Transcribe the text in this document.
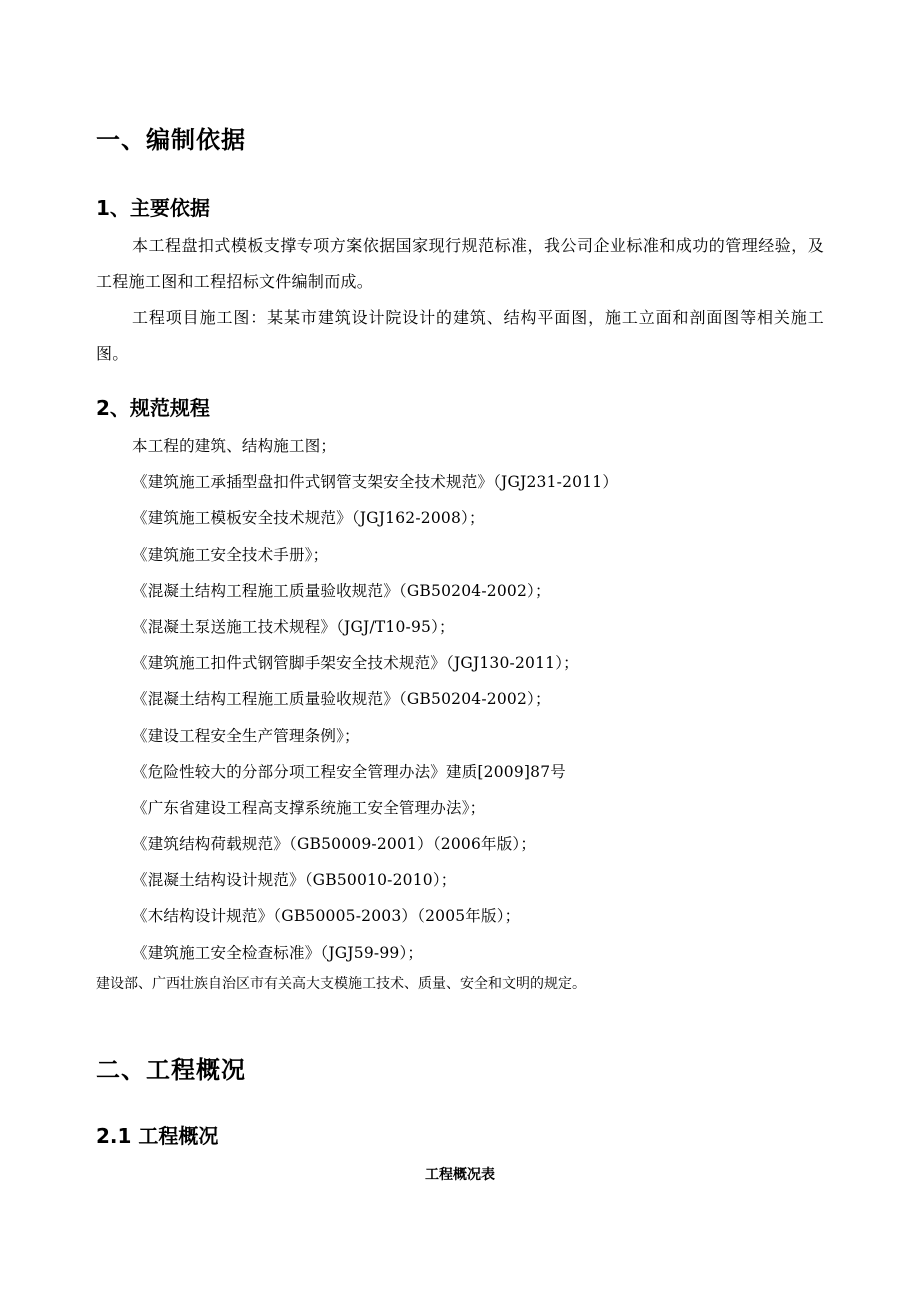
一、编制依据
1、主要依据
本工程盘扣式模板支撑专项方案依据国家现行规范标准，我公司企业标准和成功的管理经验，及工程施工图和工程招标文件编制而成。
工程项目施工图：某某市建筑设计院设计的建筑、结构平面图，施工立面和剖面图等相关施工图。
2、规范规程
本工程的建筑、结构施工图；
《建筑施工承插型盘扣件式钢管支架安全技术规范》（JGJ231-2011）
《建筑施工模板安全技术规范》（JGJ162-2008）；
《建筑施工安全技术手册》；
《混凝土结构工程施工质量验收规范》（GB50204-2002）；
《混凝土泵送施工技术规程》（JGJ/T10-95）；
《建筑施工扣件式钢管脚手架安全技术规范》（JGJ130-2011）；
《混凝土结构工程施工质量验收规范》（GB50204-2002）；
《建设工程安全生产管理条例》；
《危险性较大的分部分项工程安全管理办法》建质[2009]87号
《广东省建设工程高支撑系统施工安全管理办法》；
《建筑结构荷载规范》（GB50009-2001）（2006年版）；
《混凝土结构设计规范》（GB50010-2010）；
《木结构设计规范》（GB50005-2003）（2005年版）；
《建筑施工安全检查标准》（JGJ59-99）；
建设部、广西壮族自治区市有关高大支模施工技术、质量、安全和文明的规定。
二、工程概况
2.1 工程概况
工程概况表
